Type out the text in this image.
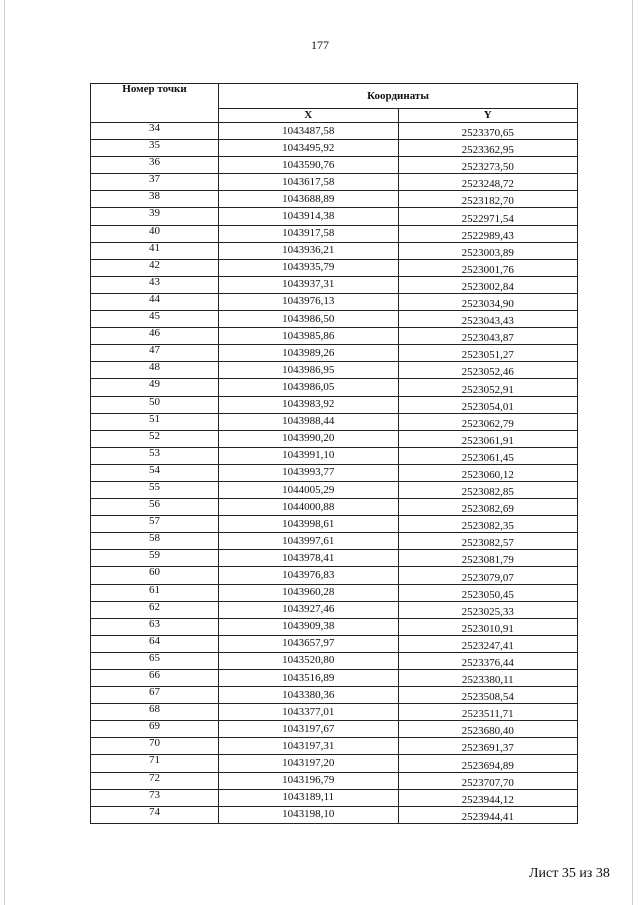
177
Номер точки	Координаты	
	X	Y
34	1043487,58	2523370,65
35	1043495,92	2523362,95
36	1043590,76	2523273,50
37	1043617,58	2523248,72
38	1043688,89	2523182,70
39	1043914,38	2522971,54
40	1043917,58	2522989,43
41	1043936,21	2523003,89
42	1043935,79	2523001,76
43	1043937,31	2523002,84
44	1043976,13	2523034,90
45	1043986,50	2523043,43
46	1043985,86	2523043,87
47	1043989,26	2523051,27
48	1043986,95	2523052,46
49	1043986,05	2523052,91
50	1043983,92	2523054,01
51	1043988,44	2523062,79
52	1043990,20	2523061,91
53	1043991,10	2523061,45
54	1043993,77	2523060,12
55	1044005,29	2523082,85
56	1044000,88	2523082,69
57	1043998,61	2523082,35
58	1043997,61	2523082,57
59	1043978,41	2523081,79
60	1043976,83	2523079,07
61	1043960,28	2523050,45
62	1043927,46	2523025,33
63	1043909,38	2523010,91
64	1043657,97	2523247,41
65	1043520,80	2523376,44
66	1043516,89	2523380,11
67	1043380,36	2523508,54
68	1043377,01	2523511,71
69	1043197,67	2523680,40
70	1043197,31	2523691,37
71	1043197,20	2523694,89
72	1043196,79	2523707,70
73	1043189,11	2523944,12
74	1043198,10	2523944,41
Лист 35 из 38
